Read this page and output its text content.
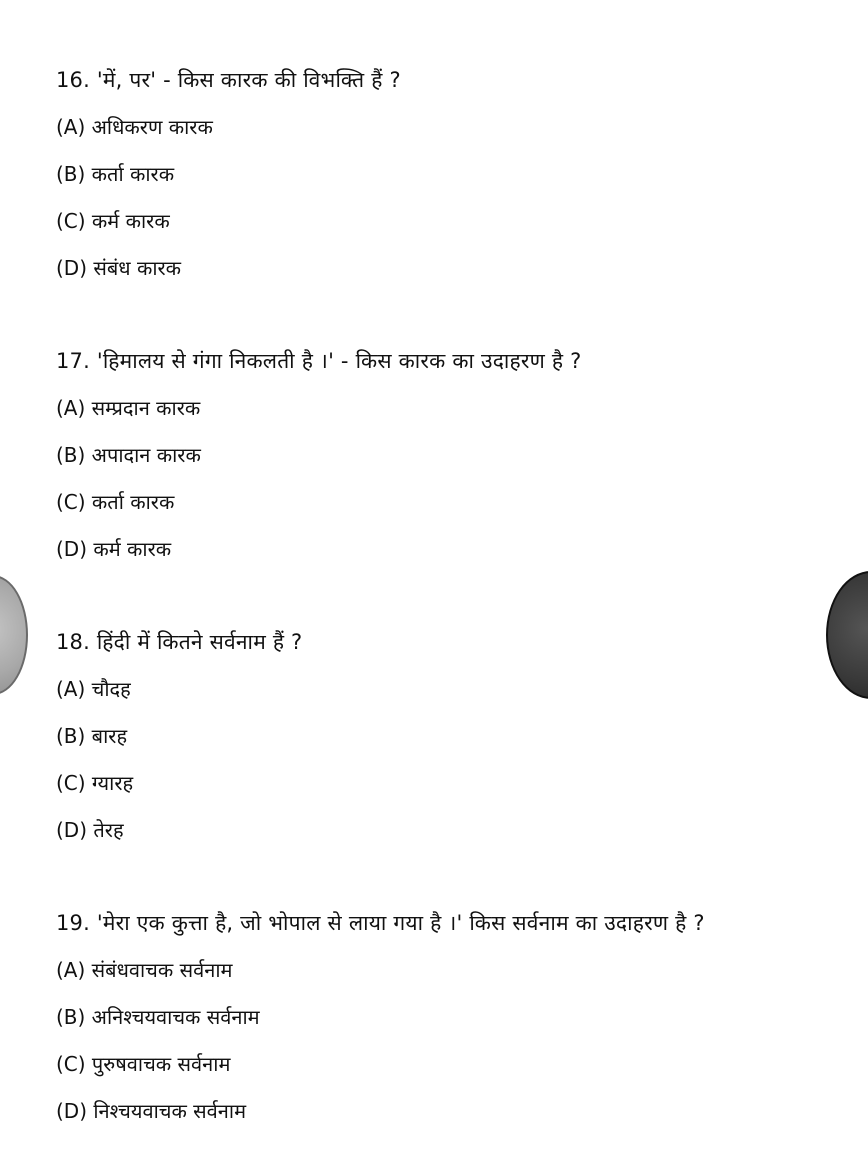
16. 'में, पर' - किस कारक की विभक्ति हैं ?
(A) अधिकरण कारक
(B) कर्ता कारक
(C) कर्म कारक
(D) संबंध कारक
17. 'हिमालय से गंगा निकलती है ।' - किस कारक का उदाहरण है ?
(A) सम्प्रदान कारक
(B) अपादान कारक
(C) कर्ता कारक
(D) कर्म कारक
18. हिंदी में कितने सर्वनाम हैं ?
(A) चौदह
(B) बारह
(C) ग्यारह
(D) तेरह
19. 'मेरा एक कुत्ता है, जो भोपाल से लाया गया है ।' किस सर्वनाम का उदाहरण है ?
(A) संबंधवाचक सर्वनाम
(B) अनिश्चयवाचक सर्वनाम
(C) पुरुषवाचक सर्वनाम
(D) निश्चयवाचक सर्वनाम
